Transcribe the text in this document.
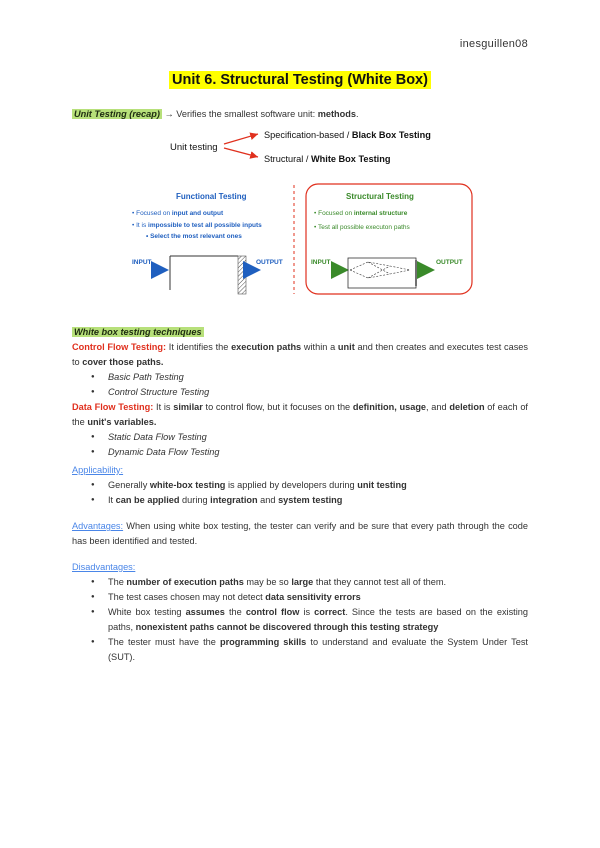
inesguillen08
Unit 6. Structural Testing (White Box)
Unit Testing (recap) → Verifies the smallest software unit: methods.
Unit testing
Specification-based / Black Box Testing
Structural / White Box Testing
Functional Testing
• Focused on input and output
• It is impossible to test all possible inputs
• Select the most relevant ones
INPUT	OUTPUT
Structural Testing
• Focused on internal structure
• Test all possible executon paths
INPUT	OUTPUT
White box testing techniques
Control Flow Testing: It identifies the execution paths within a unit and then creates and executes test cases to cover those paths.
● Basic Path Testing
● Control Structure Testing
Data Flow Testing: It is similar to control flow, but it focuses on the definition, usage, and deletion of each of the unit's variables.
● Static Data Flow Testing
● Dynamic Data Flow Testing
Applicability:
● Generally white-box testing is applied by developers during unit testing
● It can be applied during integration and system testing
Advantages: When using white box testing, the tester can verify and be sure that every path through the code has been identified and tested.
Disadvantages:
● The number of execution paths may be so large that they cannot test all of them.
● The test cases chosen may not detect data sensitivity errors
● White box testing assumes the control flow is correct. Since the tests are based on the existing paths, nonexistent paths cannot be discovered through this testing strategy
● The tester must have the programming skills to understand and evaluate the System Under Test (SUT).
